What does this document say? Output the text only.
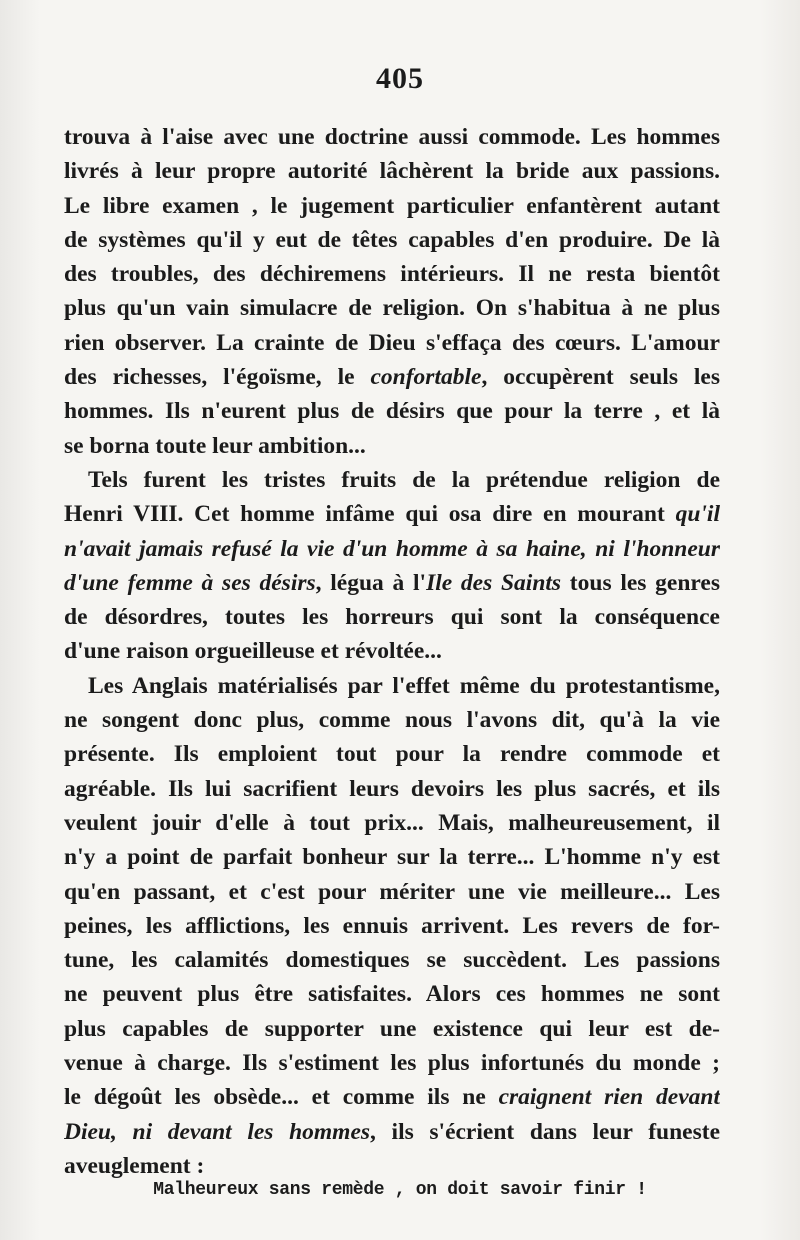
405
trouva à l'aise avec une doctrine aussi commode. Les hommes
livrés à leur propre autorité lâchèrent la bride aux passions.
Le libre examen , le jugement particulier enfantèrent autant
de systèmes qu'il y eut de têtes capables d'en produire. De là
des troubles, des déchiremens intérieurs. Il ne resta bientôt
plus qu'un vain simulacre de religion. On s'habitua à ne plus
rien observer. La crainte de Dieu s'effaça des cœurs. L'amour
des richesses, l'égoïsme, le confortable, occupèrent seuls les
hommes. Ils n'eurent plus de désirs que pour la terre , et là
se borna toute leur ambition...
Tels furent les tristes fruits de la prétendue religion de
Henri VIII. Cet homme infâme qui osa dire en mourant qu'il
n'avait jamais refusé la vie d'un homme à sa haine, ni l'honneur
d'une femme à ses désirs, légua à l'Ile des Saints tous les genres
de désordres, toutes les horreurs qui sont la conséquence
d'une raison orgueilleuse et révoltée...
Les Anglais matérialisés par l'effet même du protestantisme,
ne songent donc plus, comme nous l'avons dit, qu'à la vie
présente. Ils emploient tout pour la rendre commode et
agréable. Ils lui sacrifient leurs devoirs les plus sacrés, et ils
veulent jouir d'elle à tout prix... Mais, malheureusement, il
n'y a point de parfait bonheur sur la terre... L'homme n'y est
qu'en passant, et c'est pour mériter une vie meilleure... Les
peines, les afflictions, les ennuis arrivent. Les revers de for-
tune, les calamités domestiques se succèdent. Les passions
ne peuvent plus être satisfaites. Alors ces hommes ne sont
plus capables de supporter une existence qui leur est de-
venue à charge. Ils s'estiment les plus infortunés du monde ;
le dégoût les obsède... et comme ils ne craignent rien devant
Dieu, ni devant les hommes, ils s'écrient dans leur funeste
aveuglement :
Malheureux sans remède , on doit savoir finir !
